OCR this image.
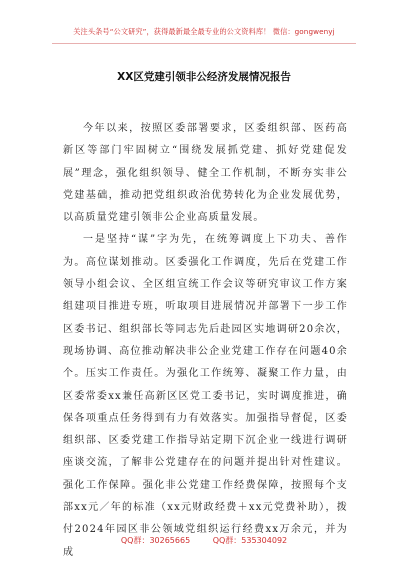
关注头条号“公文研究”，获得最新最全最专业的公文资料库！ 微信：gongwenyj
XX区党建引领非公经济发展情况报告

今年以来，按照区委部署要求，区委组织部、医药高新区等部门牢固树立“围绕发展抓党建、抓好党建促发展”理念，强化组织领导、健全工作机制，不断夯实非公党建基础，推动把党组织政治优势转化为企业发展优势，以高质量党建引领非公企业高质量发展。

一是坚持“谋”字为先，在统筹调度上下功夫、善作为。高位谋划推动。区委强化工作调度，先后在党建工作领导小组会议、全区组宣统工作会议等研究审议工作方案组建项目推进专班，听取项目进展情况并部署下一步工作区委书记、组织部长等同志先后赴园区实地调研20余次，现场协调、高位推动解决非公企业党建工作存在问题40余个。压实工作责任。为强化工作统筹、凝聚工作力量，由区委常委xx兼任高新区区党工委书记，实时调度推进，确保各项重点任务得到有力有效落实。加强指导督促，区委组织部、区委党建工作指导站定期下沉企业一线进行调研座谈交流，了解非公党建存在的问题并提出针对性建议。强化工作保障。强化非公党建工作经费保障，按照每个支部xx元／年的标准（xx元财政经费＋xx元党费补助），拨付2024年园区非公领域党组织运行经费xx万余元，并为成

QQ群：30265665	QQ群：535304092
